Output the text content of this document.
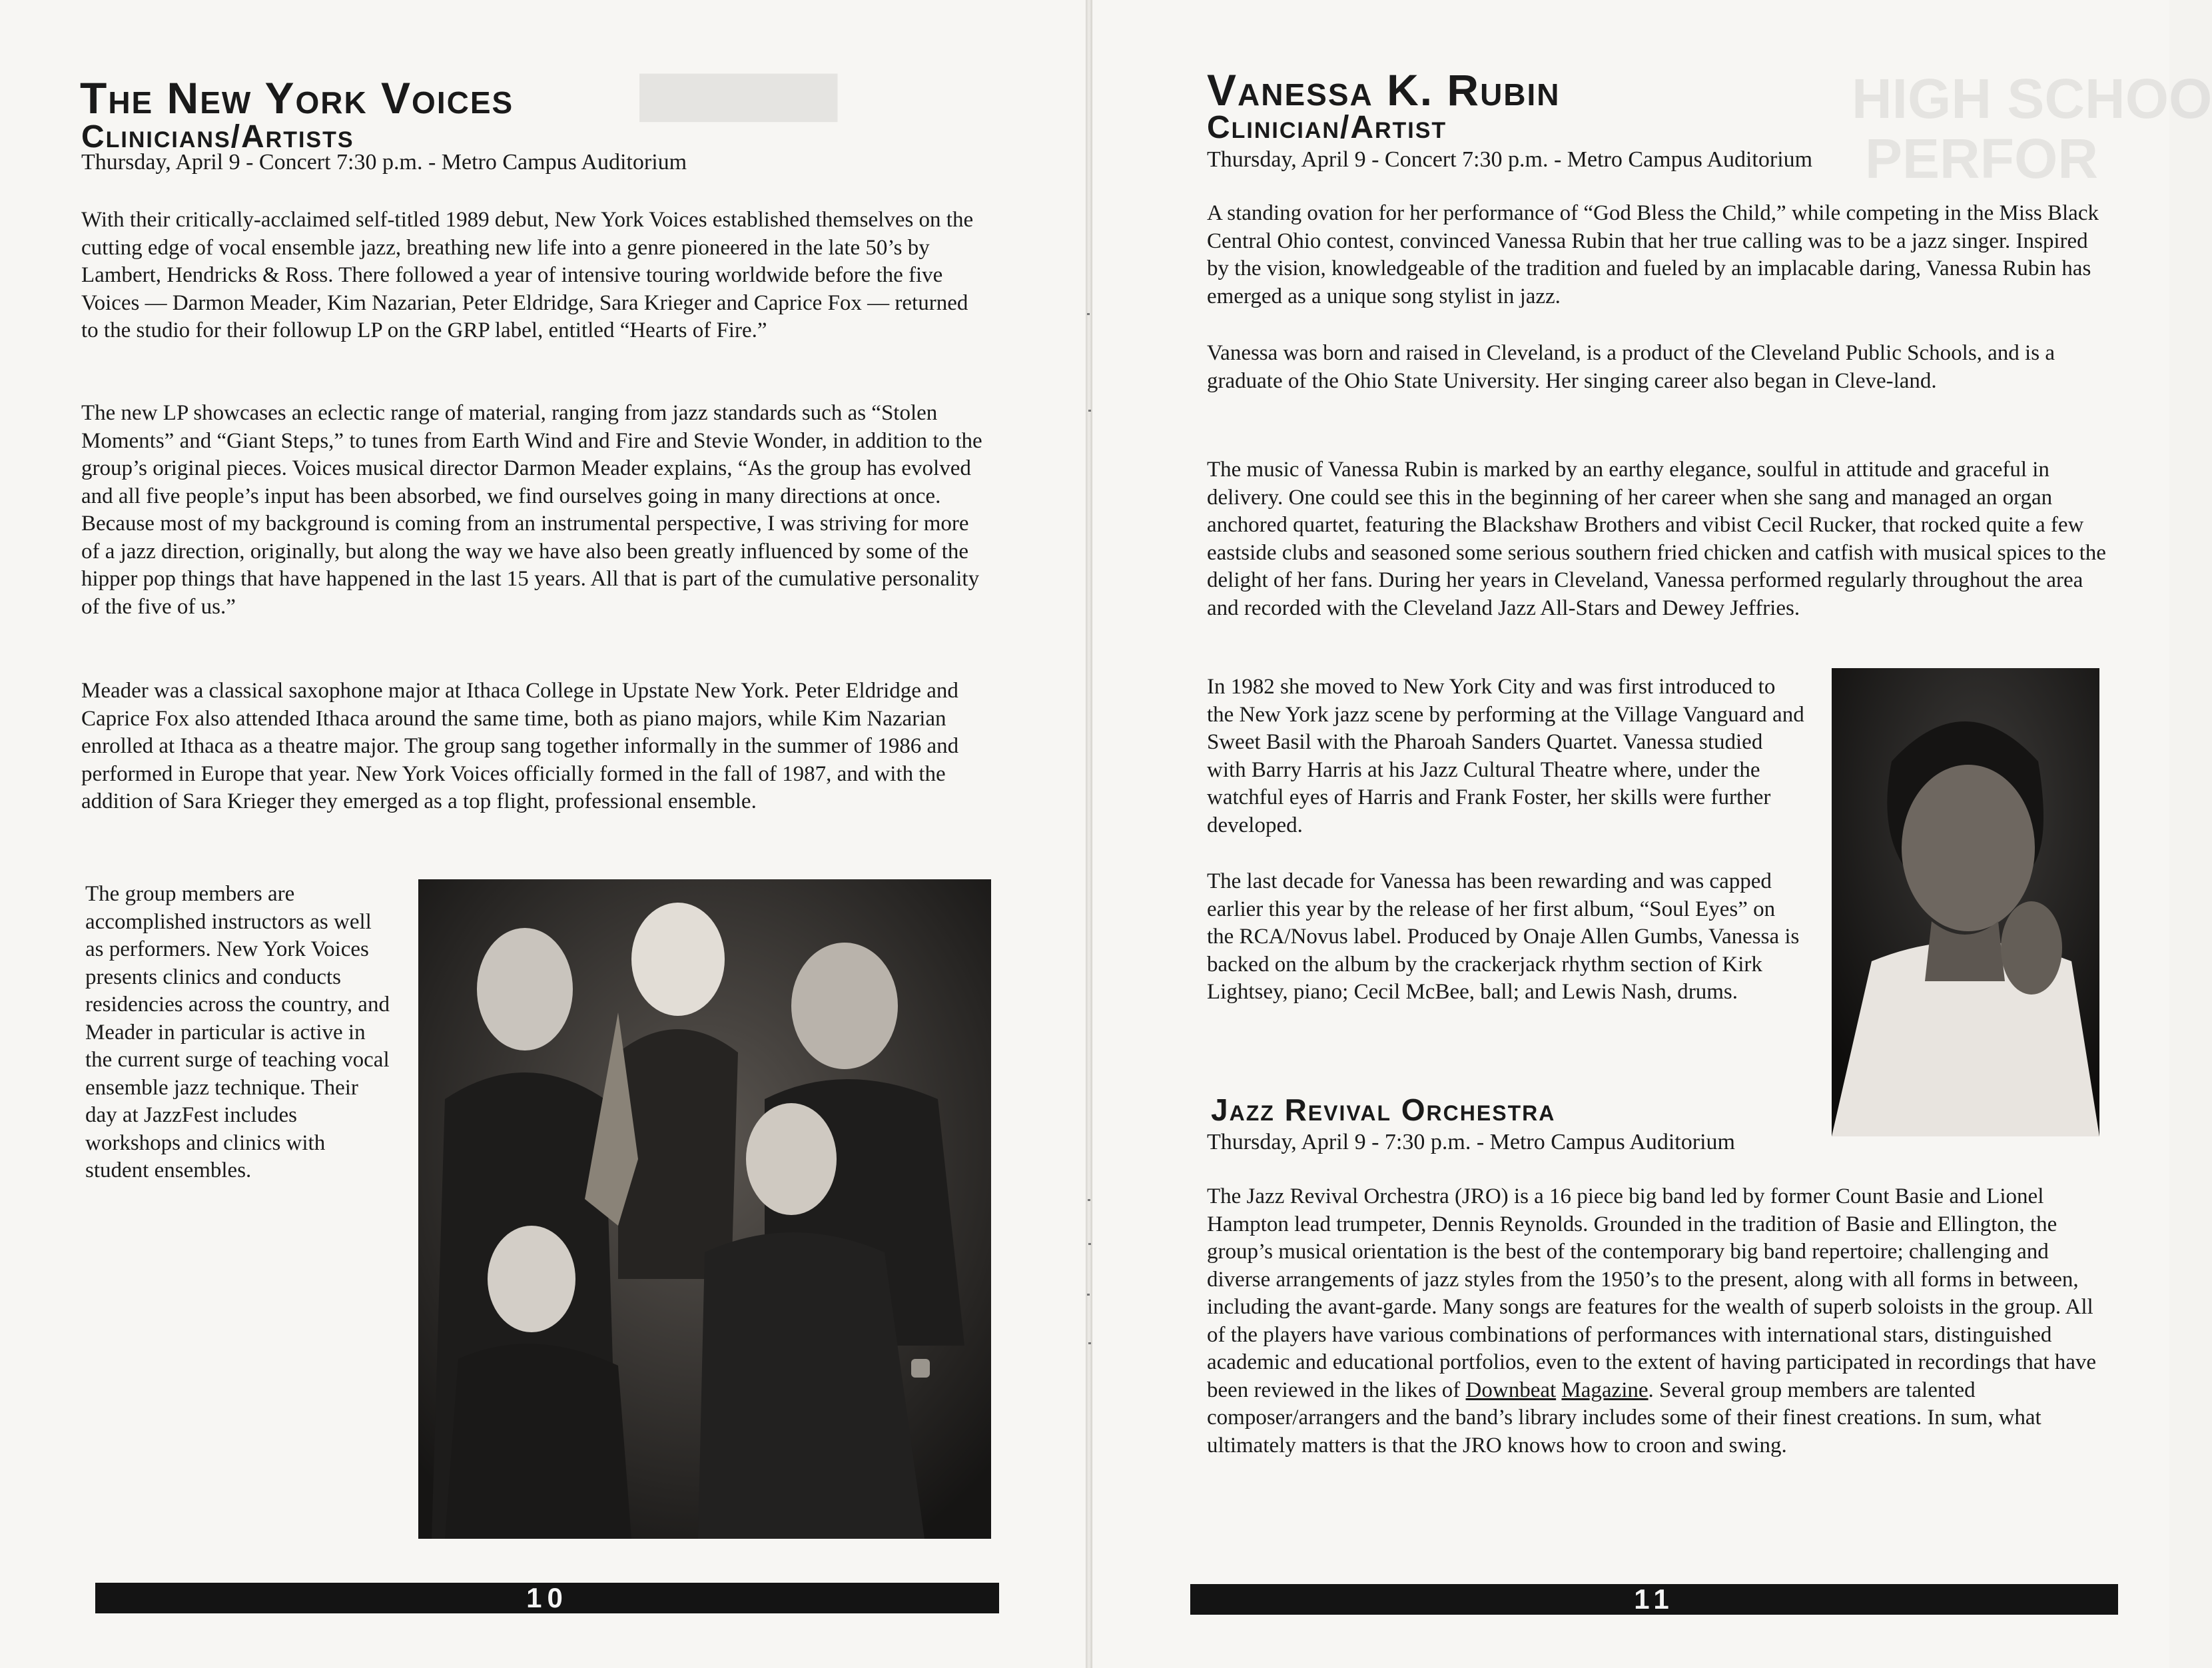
███████
The New York Voices
Clinicians/Artists

Thursday, April 9 - Concert 7:30 p.m. - Metro Campus Auditorium

With their critically-acclaimed self-titled 1989 debut, New York Voices established themselves on the cutting edge of vocal ensemble jazz, breathing new life into a genre pioneered in the late 50’s by Lambert, Hendricks & Ross. There followed a year of intensive touring worldwide before the five Voices — Darmon Meader, Kim Nazarian, Peter Eldridge, Sara Krieger and Caprice Fox — returned to the studio for their followup LP on the GRP label, entitled “Hearts of Fire.”

The new LP showcases an eclectic range of material, ranging from jazz standards such as “Stolen Moments” and “Giant Steps,” to tunes from Earth Wind and Fire and Stevie Wonder, in addition to the group’s original pieces. Voices musical director Darmon Meader explains, “As the group has evolved and all five people’s input has been absorbed, we find ourselves going in many directions at once. Because most of my background is coming from an instrumental perspective, I was striving for more of a jazz direction, originally, but along the way we have also been greatly influenced by some of the hipper pop things that have happened in the last 15 years. All that is part of the cumulative personality of the five of us.”

Meader was a classical saxophone major at Ithaca College in Upstate New York. Peter Eldridge and Caprice Fox also attended Ithaca around the same time, both as piano majors, while Kim Nazarian enrolled at Ithaca as a theatre major. The group sang together informally in the summer of 1986 and performed in Europe that year. New York Voices officially formed in the fall of 1987, and with the addition of Sara Krieger they emerged as a top flight, professional ensemble.

The group members are accomplished instructors as well as performers. New York Voices presents clinics and conducts residencies across the country, and Meader in particular is active in the current surge of teaching vocal ensemble jazz technique. Their day at JazzFest includes workshops and clinics with student ensembles.

10
HIGH SCHOO
PERFOR
Vanessa K. Rubin
Clinician/Artist

Thursday, April 9 - Concert 7:30 p.m. - Metro Campus Auditorium

A standing ovation for her performance of “God Bless the Child,” while competing in the Miss Black Central Ohio contest, convinced Vanessa Rubin that her true calling was to be a jazz singer. Inspired by the vision, knowledgeable of the tradition and fueled by an implacable daring, Vanessa Rubin has emerged as a unique song stylist in jazz.

Vanessa was born and raised in Cleveland, is a product of the Cleveland Public Schools, and is a graduate of the Ohio State University. Her singing career also began in Cleve-land.

The music of Vanessa Rubin is marked by an earthy elegance, soulful in attitude and graceful in delivery. One could see this in the beginning of her career when she sang and managed an organ anchored quartet, featuring the Blackshaw Brothers and vibist Cecil Rucker, that rocked quite a few eastside clubs and seasoned some serious southern fried chicken and catfish with musical spices to the delight of her fans. During her years in Cleveland, Vanessa performed regularly throughout the area and recorded with the Cleveland Jazz All-Stars and Dewey Jeffries.

In 1982 she moved to New York City and was first introduced to the New York jazz scene by performing at the Village Vanguard and Sweet Basil with the Pharoah Sanders Quartet. Vanessa studied with Barry Harris at his Jazz Cultural Theatre where, under the watchful eyes of Harris and Frank Foster, her skills were further developed.

The last decade for Vanessa has been rewarding and was capped earlier this year by the release of her first album, “Soul Eyes” on the RCA/Novus label. Produced by Onaje Allen Gumbs, Vanessa is backed on the album by the crackerjack rhythm section of Kirk Lightsey, piano; Cecil McBee, ball; and Lewis Nash, drums.

Jazz Revival Orchestra

Thursday, April 9 - 7:30 p.m. - Metro Campus Auditorium

The Jazz Revival Orchestra (JRO) is a 16 piece big band led by former Count Basie and Lionel Hampton lead trumpeter, Dennis Reynolds. Grounded in the tradition of Basie and Ellington, the group’s musical orientation is the best of the contemporary big band repertoire; challenging and diverse arrangements of jazz styles from the 1950’s to the present, along with all forms in between, including the avant-garde. Many songs are features for the wealth of superb soloists in the group. All of the players have various combinations of performances with international stars, distinguished academic and educational portfolios, even to the extent of having participated in recordings that have been reviewed in the likes of Downbeat Magazine. Several group members are talented composer/arrangers and the band’s library includes some of their finest creations. In sum, what ultimately matters is that the JRO knows how to croon and swing.

11
